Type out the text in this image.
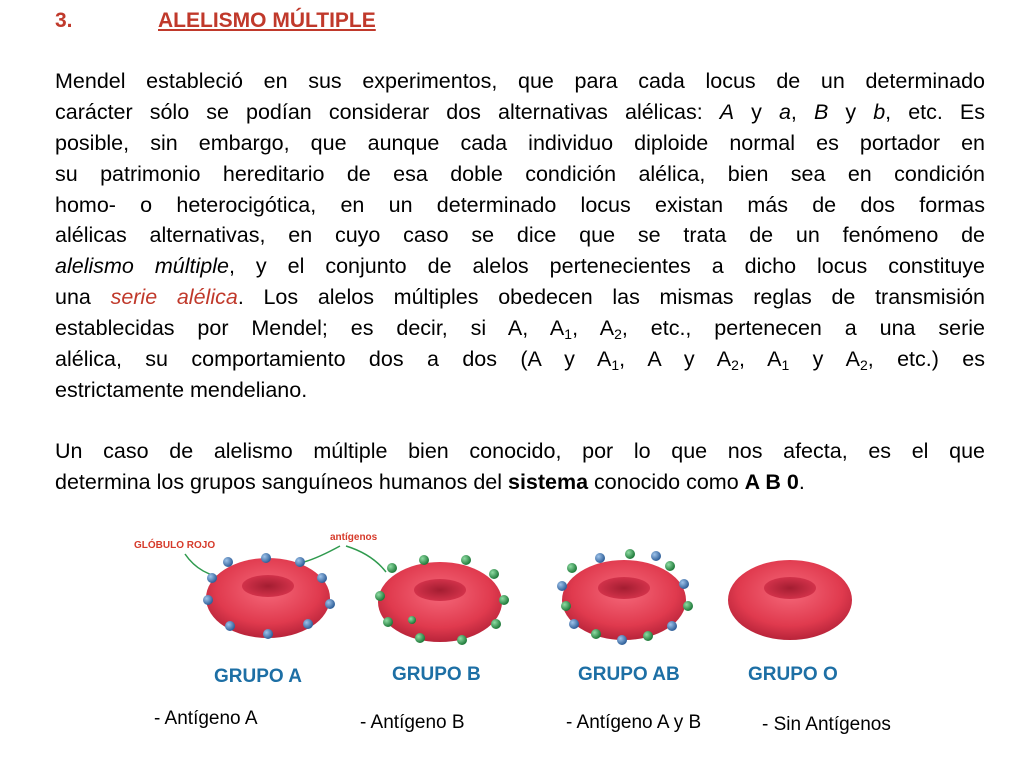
3.	ALELISMO MÚLTIPLE
Mendel estableció en sus experimentos, que para cada locus de un determinado
carácter sólo se podían considerar dos alternativas alélicas: A y a, B y b, etc. Es
posible, sin embargo, que aunque cada individuo diploide normal es portador en
su patrimonio hereditario de esa doble condición alélica, bien sea en condición
homo- o heterocigótica, en un determinado locus existan más de dos formas
alélicas alternativas, en cuyo caso se dice que se trata de un fenómeno de
alelismo múltiple, y el conjunto de alelos pertenecientes a dicho locus constituye
una serie alélica. Los alelos múltiples obedecen las mismas reglas de transmisión
establecidas por Mendel; es decir, si A, $A_1$, $A_2$, etc., pertenecen a una serie
alélica, su comportamiento dos a dos (A y $A_1$, A y $A_2$, $A_1$ y $A_2$, etc.) es
estrictamente mendeliano.
Un caso de alelismo múltiple bien conocido, por lo que nos afecta, es el que
determina los grupos sanguíneos humanos del sistema conocido como A B 0.
GLÓBULO ROJO
antígenos
GRUPO A	GRUPO B	GRUPO AB	GRUPO O
- Antígeno A	- Antígeno B	- Antígeno A y B	- Sin Antígenos
